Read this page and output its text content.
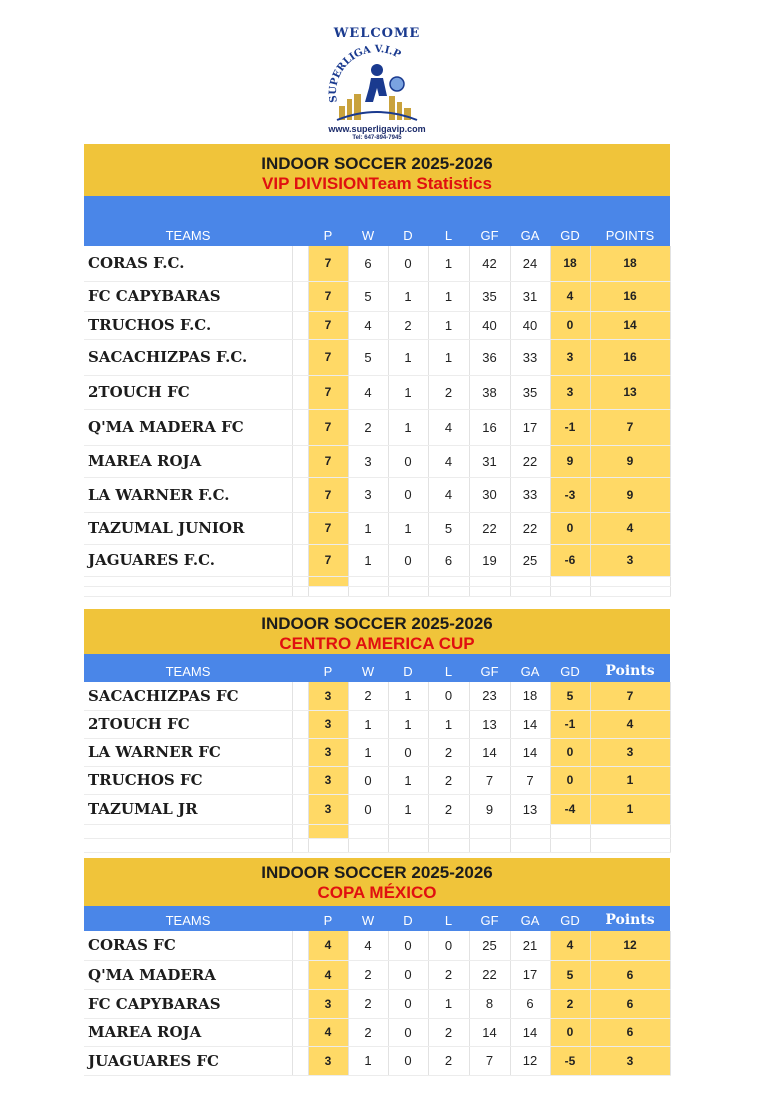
WELCOME
SUPERLIGA V.I.P
www.superligavip.com
Tel: 647-894-7945
INDOOR SOCCER 2025-2026
VIP DIVISIONTeam Statistics
TEAMS		P	W	D	L	GF	GA	GD	POINTS
CORAS F.C.		7	6	0	1	42	24	18	18
FC CAPYBARAS		7	5	1	1	35	31	4	16
TRUCHOS F.C.		7	4	2	1	40	40	0	14
SACACHIZPAS F.C.		7	5	1	1	36	33	3	16
2TOUCH FC		7	4	1	2	38	35	3	13
Q'MA MADERA FC		7	2	1	4	16	17	-1	7
MAREA ROJA		7	3	0	4	31	22	9	9
LA WARNER F.C.		7	3	0	4	30	33	-3	9
TAZUMAL JUNIOR		7	1	1	5	22	22	0	4
JAGUARES F.C.		7	1	0	6	19	25	-6	3

INDOOR SOCCER 2025-2026
CENTRO AMERICA CUP
TEAMS		P	W	D	L	GF	GA	GD	Points
SACACHIZPAS FC		3	2	1	0	23	18	5	7
2TOUCH FC		3	1	1	1	13	14	-1	4
LA WARNER FC		3	1	0	2	14	14	0	3
TRUCHOS FC		3	0	1	2	7	7	0	1
TAZUMAL JR		3	0	1	2	9	13	-4	1

INDOOR SOCCER 2025-2026
COPA MÉXICO
TEAMS		P	W	D	L	GF	GA	GD	Points
CORAS FC		4	4	0	0	25	21	4	12
Q'MA MADERA		4	2	0	2	22	17	5	6
FC CAPYBARAS		3	2	0	1	8	6	2	6
MAREA ROJA		4	2	0	2	14	14	0	6
JUAGUARES FC		3	1	0	2	7	12	-5	3
